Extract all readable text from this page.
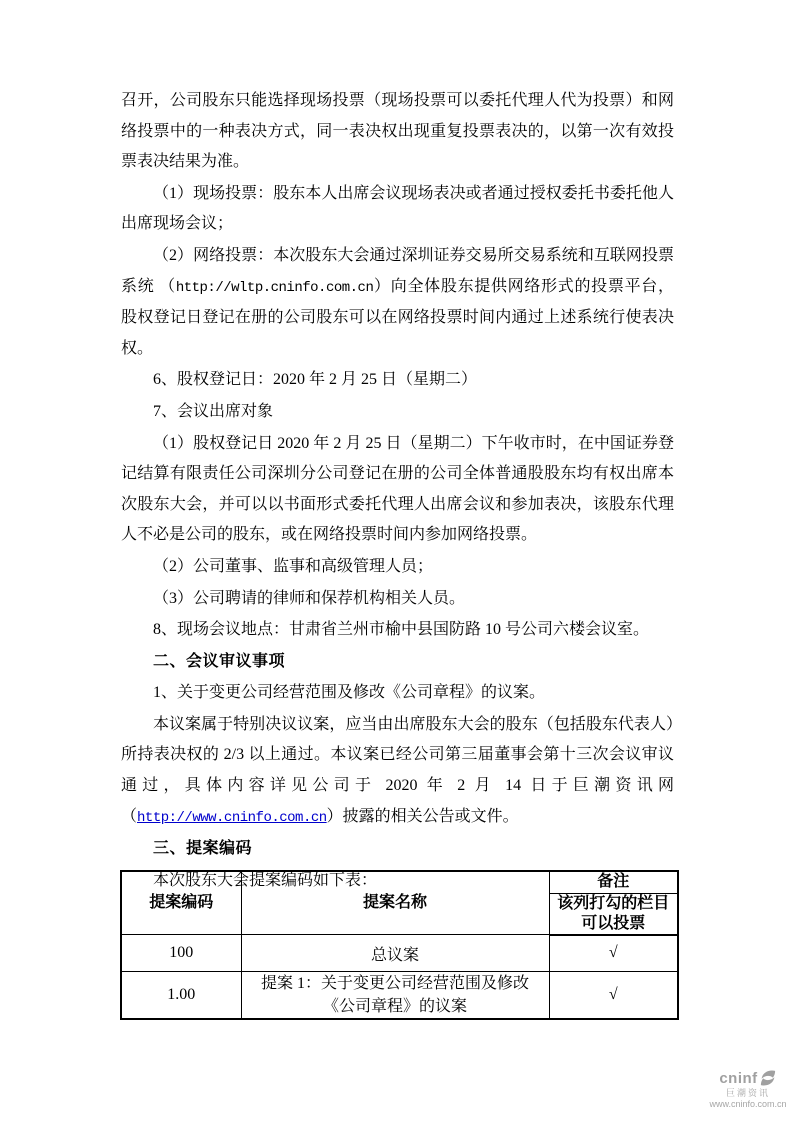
召开，公司股东只能选择现场投票（现场投票可以委托代理人代为投票）和网络投票中的一种表决方式，同一表决权出现重复投票表决的，以第一次有效投票表决结果为准。

（1）现场投票：股东本人出席会议现场表决或者通过授权委托书委托他人出席现场会议；

（2）网络投票：本次股东大会通过深圳证券交易所交易系统和互联网投票系统 （http://wltp.cninfo.com.cn）向全体股东提供网络形式的投票平台，股权登记日登记在册的公司股东可以在网络投票时间内通过上述系统行使表决权。

6、股权登记日：2020 年 2 月 25 日（星期二）

7、会议出席对象

（1）股权登记日 2020 年 2 月 25 日（星期二）下午收市时，在中国证券登记结算有限责任公司深圳分公司登记在册的公司全体普通股股东均有权出席本次股东大会，并可以以书面形式委托代理人出席会议和参加表决，该股东代理人不必是公司的股东，或在网络投票时间内参加网络投票。

（2）公司董事、监事和高级管理人员；

（3）公司聘请的律师和保荐机构相关人员。

8、现场会议地点：甘肃省兰州市榆中县国防路 10 号公司六楼会议室。

二、会议审议事项

1、关于变更公司经营范围及修改《公司章程》的议案。

本议案属于特别决议议案，应当由出席股东大会的股东（包括股东代表人）所持表决权的 2/3 以上通过。本议案已经公司第三届董事会第十三次会议审议通过，具体内容详见公司于 2020 年 2 月 14 日于巨潮资讯网（http://www.cninfo.com.cn）披露的相关公告或文件。

三、提案编码

本次股东大会提案编码如下表：

提案编码	提案名称	备注
		该列打勾的栏目可以投票
100	总议案	√
1.00	提案 1：关于变更公司经营范围及修改《公司章程》的议案	√
cninf
巨潮资讯
www.cninfo.com.cn
